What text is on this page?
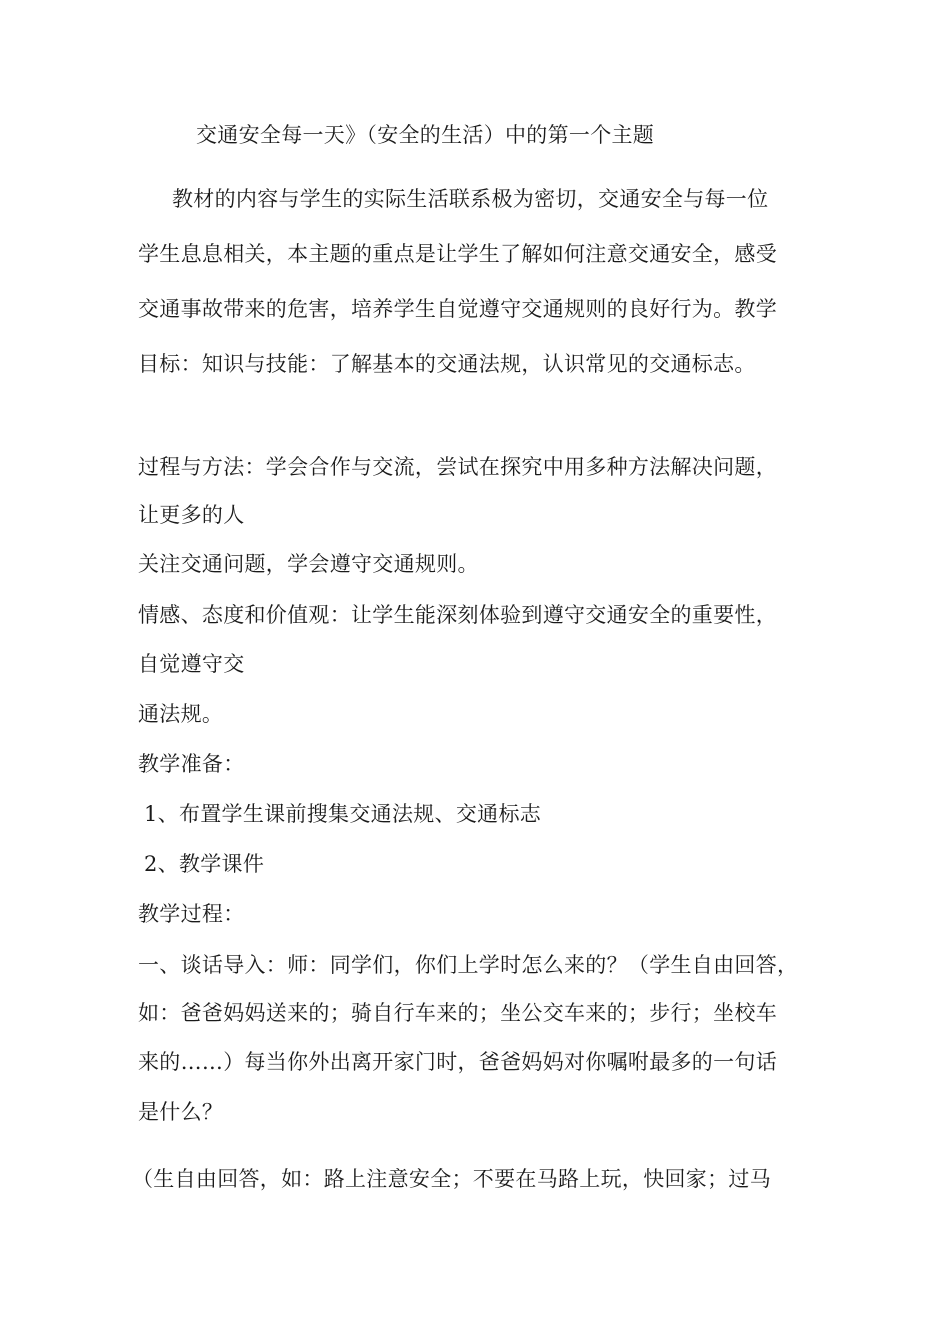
交通安全每一天》（安全的生活）中的第一个主题
教材的内容与学生的实际生活联系极为密切，交通安全与每一位
学生息息相关，本主题的重点是让学生了解如何注意交通安全，感受
交通事故带来的危害，培养学生自觉遵守交通规则的良好行为。教学
目标：知识与技能：了解基本的交通法规，认识常见的交通标志。
过程与方法：学会合作与交流，尝试在探究中用多种方法解决问题，
让更多的人
关注交通问题，学会遵守交通规则。
情感、态度和价值观：让学生能深刻体验到遵守交通安全的重要性，
自觉遵守交
通法规。
教学准备：
1、布置学生课前搜集交通法规、交通标志
2、教学课件
教学过程：
一、谈话导入：师：同学们，你们上学时怎么来的？（学生自由回答，
如：爸爸妈妈送来的；骑自行车来的；坐公交车来的；步行；坐校车
来的……）每当你外出离开家门时，爸爸妈妈对你嘱咐最多的一句话
是什么？
（生自由回答，如：路上注意安全；不要在马路上玩，快回家；过马
